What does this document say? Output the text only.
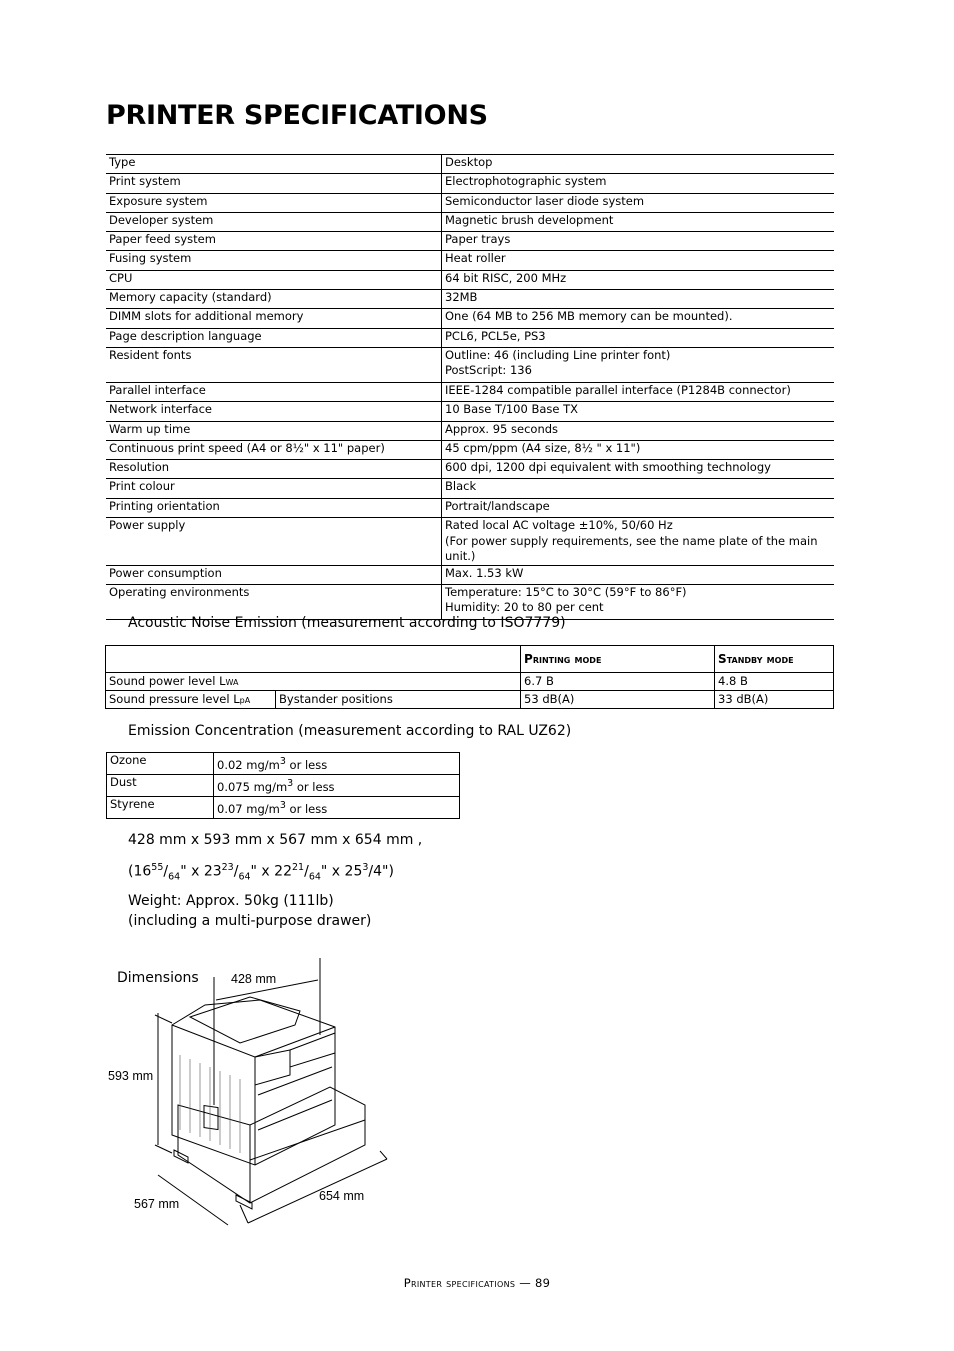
PRINTER SPECIFICATIONS
Type	Desktop

Print system	Electrophotographic system

Exposure system	Semiconductor laser diode system

Developer system	Magnetic brush development

Paper feed system	Paper trays

Fusing system	Heat roller

CPU	64 bit RISC, 200 MHz

Memory capacity (standard)	32MB

DIMM slots for additional memory	One (64 MB to 256 MB memory can be mounted).

Page description language	PCL6, PCL5e, PS3

Resident fonts	Outline: 46 (including Line printer font)
PostScript: 136

Parallel interface	IEEE-1284 compatible parallel interface (P1284B connector)

Network interface	10 Base T/100 Base TX

Warm up time	Approx. 95 seconds

Continuous print speed (A4 or 8½" x 11" paper)	45 cpm/ppm (A4 size, 8½ " x 11")

Resolution	600 dpi, 1200 dpi equivalent with smoothing technology

Print colour	Black

Printing orientation	Portrait/landscape

Power supply	Rated local AC voltage ±10%, 50/60 Hz
(For power supply requirements, see the name plate of the main unit.)

Power consumption	Max. 1.53 kW

Operating environments	Temperature: 15°C to 30°C (59°F to 86°F)
Humidity: 20 to 80 per cent

Acoustic Noise Emission (measurement according to ISO7779)

		Printing mode	Standby mode
Sound power level LWA		6.7 B	4.8 B
Sound pressure level LpA	Bystander positions	53 dB(A)	33 dB(A)

Emission Concentration (measurement according to RAL UZ62)

Ozone	0.02 $mg/m^3$ or less
Dust	0.075 $mg/m^3$ or less
Styrene	0.07 $mg/m^3$ or less

428 mm x 593 mm x 567 mm x 654 mm ,

($16^{55}/_{64}$" x $23^{23}/_{64}$" x $22^{21}/_{64}$" x $25^3/4$")

Weight: Approx. 50kg (111lb)

(including a multi-purpose drawer)

Dimensions	428 mm
593 mm
567 mm
654 mm
Printer specifications — 89
